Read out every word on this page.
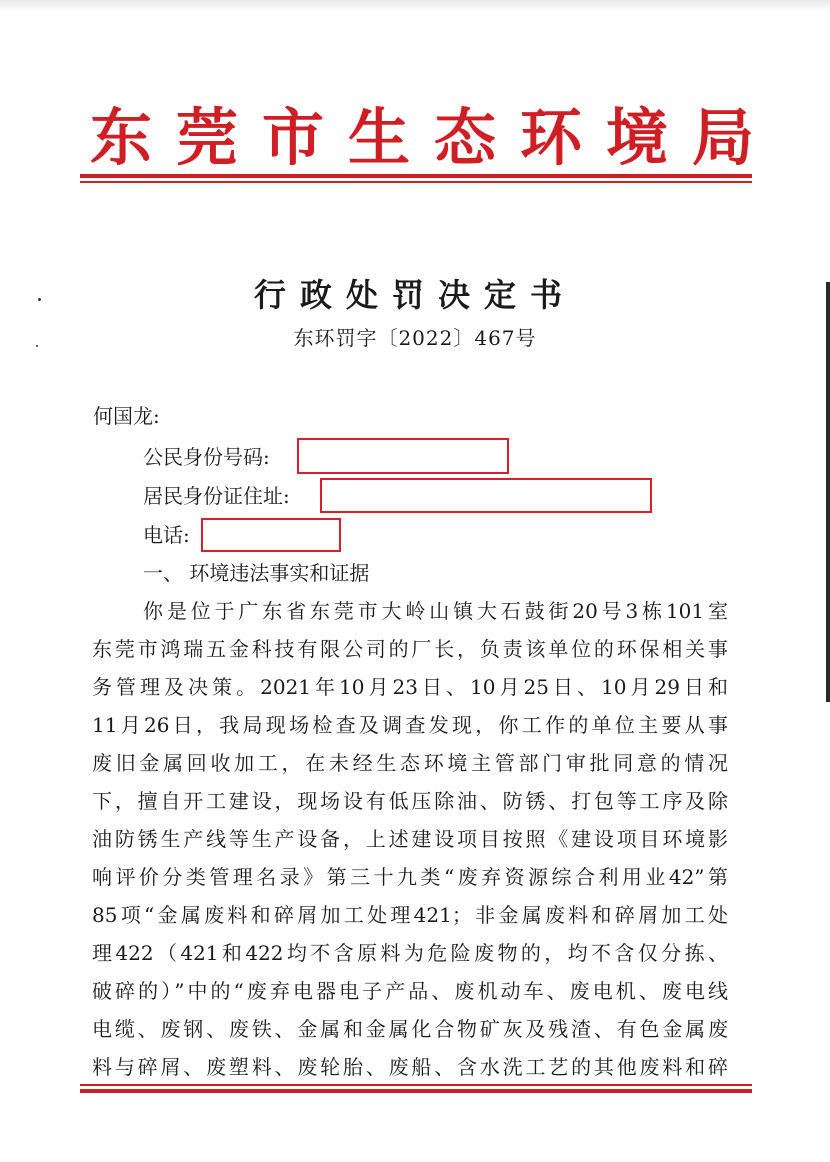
东莞市生态环境局
行政处罚决定书
东环罚字〔2022〕467号
何国龙:
公民身份号码:
居民身份证住址:
电话:
一、 环境违法事实和证据
你是位于广东省东莞市大岭山镇大石鼓街20号3栋101室
东莞市鸿瑞五金科技有限公司的厂长，负责该单位的环保相关事
务管理及决策。2021年10月23日、10月25日、10月29日和
11月26日，我局现场检查及调查发现，你工作的单位主要从事
废旧金属回收加工，在未经生态环境主管部门审批同意的情况
下，擅自开工建设，现场设有低压除油、防锈、打包等工序及除
油防锈生产线等生产设备，上述建设项目按照《建设项目环境影
响评价分类管理名录》第三十九类“废弃资源综合利用业42”第
85项“金属废料和碎屑加工处理421；非金属废料和碎屑加工处
理422（421和422均不含原料为危险废物的，均不含仅分拣、
破碎的）”中的“废弃电器电子产品、废机动车、废电机、废电线
电缆、废钢、废铁、金属和金属化合物矿灰及残渣、有色金属废
料与碎屑、废塑料、废轮胎、废船、含水洗工艺的其他废料和碎
